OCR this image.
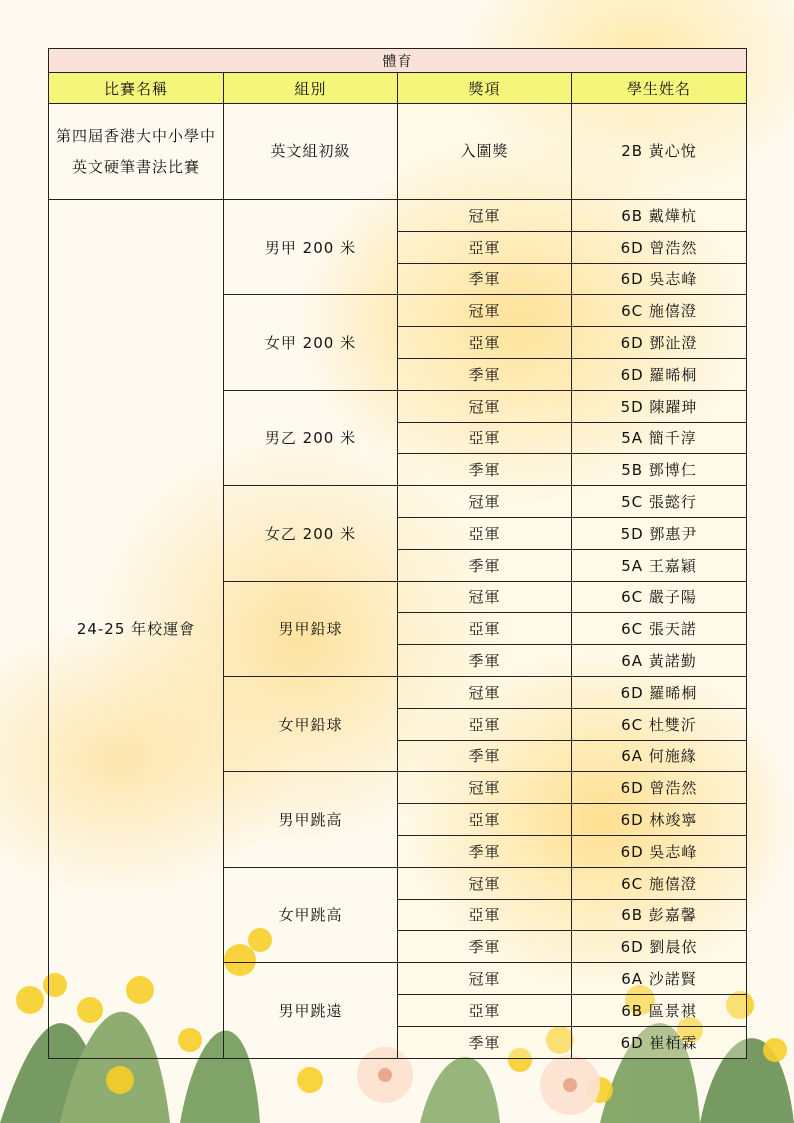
體育			
比賽名稱	組別	獎項	學生姓名
第四屆香港大中小學中英文硬筆書法比賽	英文組初級	入圍獎	2B 黃心悅
24-25 年校運會	男甲 200 米	冠軍	6B 戴燁杭
		亞軍	6D 曾浩然
		季軍	6D 吳志峰
	女甲 200 米	冠軍	6C 施僖澄
		亞軍	6D 鄧沚澄
		季軍	6D 羅晞桐
	男乙 200 米	冠軍	5D 陳躍珅
		亞軍	5A 簡千淳
		季軍	5B 鄧博仁
	女乙 200 米	冠軍	5C 張懿行
		亞軍	5D 鄧惠尹
		季軍	5A 王嘉穎
	男甲鉛球	冠軍	6C 嚴子陽
		亞軍	6C 張天諾
		季軍	6A 黃諾勤
	女甲鉛球	冠軍	6D 羅晞桐
		亞軍	6C 杜雙沂
		季軍	6A 何施緣
	男甲跳高	冠軍	6D 曾浩然
		亞軍	6D 林竣寧
		季軍	6D 吳志峰
	女甲跳高	冠軍	6C 施僖澄
		亞軍	6B 彭嘉馨
		季軍	6D 劉晨依
	男甲跳遠	冠軍	6A 沙諾賢
		亞軍	6B 區景祺
		季軍	6D 崔栢霖
